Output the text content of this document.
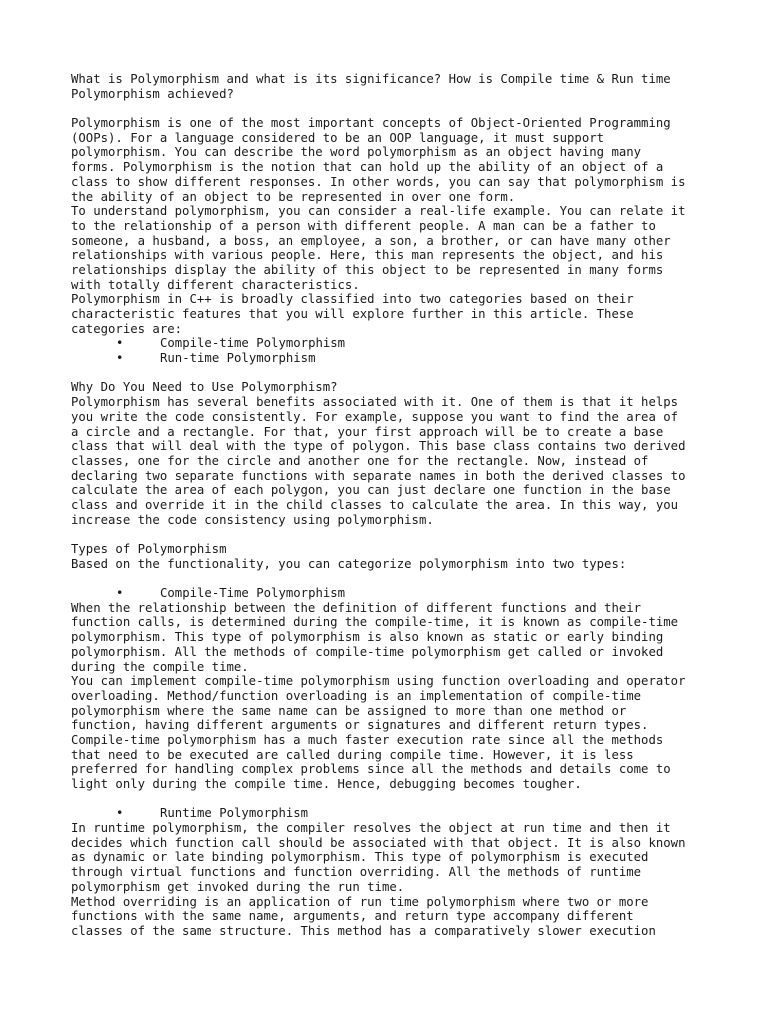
What is Polymorphism and what is its significance? How is Compile time & Run time
Polymorphism achieved?
Polymorphism is one of the most important concepts of Object-Oriented Programming
(OOPs). For a language considered to be an OOP language, it must support
polymorphism. You can describe the word polymorphism as an object having many
forms. Polymorphism is the notion that can hold up the ability of an object of a
class to show different responses. In other words, you can say that polymorphism is
the ability of an object to be represented in over one form.
To understand polymorphism, you can consider a real-life example. You can relate it
to the relationship of a person with different people. A man can be a father to
someone, a husband, a boss, an employee, a son, a brother, or can have many other
relationships with various people. Here, this man represents the object, and his
relationships display the ability of this object to be represented in many forms
with totally different characteristics.
Polymorphism in C++ is broadly classified into two categories based on their
characteristic features that you will explore further in this article. These
categories are:
•	Compile-time Polymorphism
•	Run-time Polymorphism
Why Do You Need to Use Polymorphism?
Polymorphism has several benefits associated with it. One of them is that it helps
you write the code consistently. For example, suppose you want to find the area of
a circle and a rectangle. For that, your first approach will be to create a base
class that will deal with the type of polygon. This base class contains two derived
classes, one for the circle and another one for the rectangle. Now, instead of
declaring two separate functions with separate names in both the derived classes to
calculate the area of each polygon, you can just declare one function in the base
class and override it in the child classes to calculate the area. In this way, you
increase the code consistency using polymorphism.
Types of Polymorphism
Based on the functionality, you can categorize polymorphism into two types:
•	Compile-Time Polymorphism
When the relationship between the definition of different functions and their
function calls, is determined during the compile-time, it is known as compile-time
polymorphism. This type of polymorphism is also known as static or early binding
polymorphism. All the methods of compile-time polymorphism get called or invoked
during the compile time.
You can implement compile-time polymorphism using function overloading and operator
overloading. Method/function overloading is an implementation of compile-time
polymorphism where the same name can be assigned to more than one method or
function, having different arguments or signatures and different return types.
Compile-time polymorphism has a much faster execution rate since all the methods
that need to be executed are called during compile time. However, it is less
preferred for handling complex problems since all the methods and details come to
light only during the compile time. Hence, debugging becomes tougher.
•	Runtime Polymorphism
In runtime polymorphism, the compiler resolves the object at run time and then it
decides which function call should be associated with that object. It is also known
as dynamic or late binding polymorphism. This type of polymorphism is executed
through virtual functions and function overriding. All the methods of runtime
polymorphism get invoked during the run time.
Method overriding is an application of run time polymorphism where two or more
functions with the same name, arguments, and return type accompany different
classes of the same structure. This method has a comparatively slower execution
